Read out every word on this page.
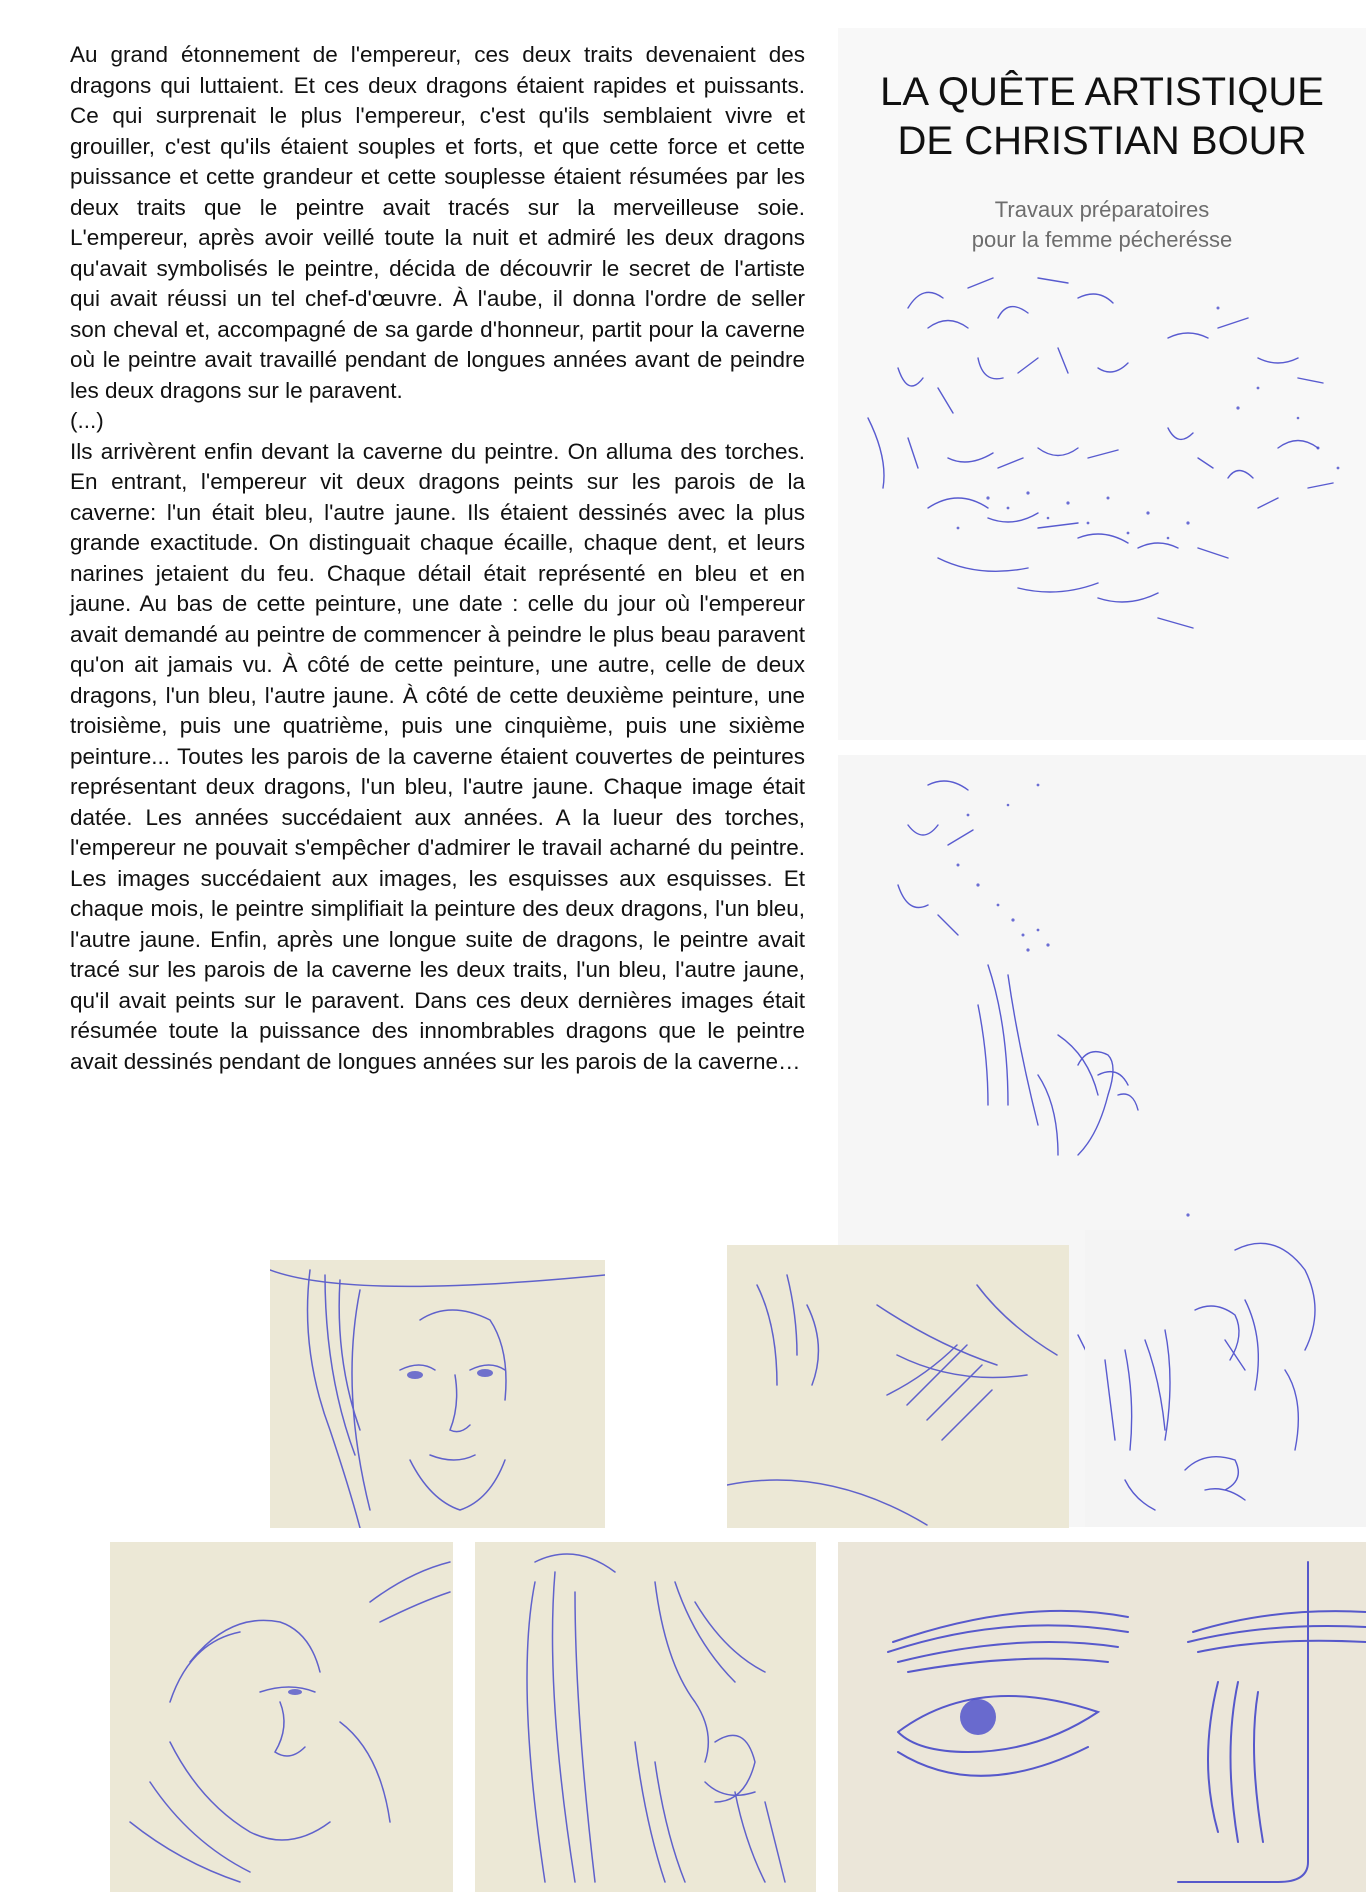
Au grand étonnement de l'empereur, ces deux traits devenaient des dragons qui luttaient. Et ces deux dragons étaient rapides et puissants. Ce qui surprenait le plus l'empereur, c'est qu'ils semblaient vivre et grouiller, c'est qu'ils étaient souples et forts, et que cette force et cette puissance et cette grandeur et cette souplesse étaient résumées par les deux traits que le peintre avait tracés sur la merveilleuse soie. L'empereur, après avoir veillé toute la nuit et admiré les deux dragons qu'avait symbolisés le peintre, décida de découvrir le secret de l'artiste qui avait réussi un tel chef-d'œuvre. À l'aube, il donna l'ordre de seller son cheval et, accompagné de sa garde d'honneur, partit pour la caverne où le peintre avait travaillé pendant de longues années avant de peindre les deux dragons sur le paravent.

(...)

Ils arrivèrent enfin devant la caverne du peintre. On alluma des torches. En entrant, l'empereur vit deux dragons peints sur les parois de la caverne: l'un était bleu, l'autre jaune. Ils étaient dessinés avec la plus grande exactitude. On distinguait chaque écaille, chaque dent, et leurs narines jetaient du feu. Chaque détail était représenté en bleu et en jaune. Au bas de cette peinture, une date : celle du jour où l'empereur avait demandé au peintre de commencer à peindre le plus beau paravent qu'on ait jamais vu. À côté de cette peinture, une autre, celle de deux dragons, l'un bleu, l'autre jaune. À côté de cette deuxième peinture, une troisième, puis une quatrième, puis une cinquième, puis une sixième peinture... Toutes les parois de la caverne étaient couvertes de peintures représentant deux dragons, l'un bleu, l'autre jaune. Chaque image était datée. Les années succédaient aux années. A la lueur des torches, l'empereur ne pouvait s'empêcher d'admirer le travail acharné du peintre. Les images succédaient aux images, les esquisses aux esquisses. Et chaque mois, le peintre simplifiait la peinture des deux dragons, l'un bleu, l'autre jaune. Enfin, après une longue suite de dragons, le peintre avait tracé sur les parois de la caverne les deux traits, l'un bleu, l'autre jaune, qu'il avait peints sur le paravent. Dans ces deux dernières images était résumée toute la puissance des innombrables dragons que le peintre avait dessinés pendant de longues années sur les parois de la caverne…

LA QUÊTE ARTISTIQUE
DE CHRISTIAN BOUR
Travaux préparatoires
pour la femme pécherésse
